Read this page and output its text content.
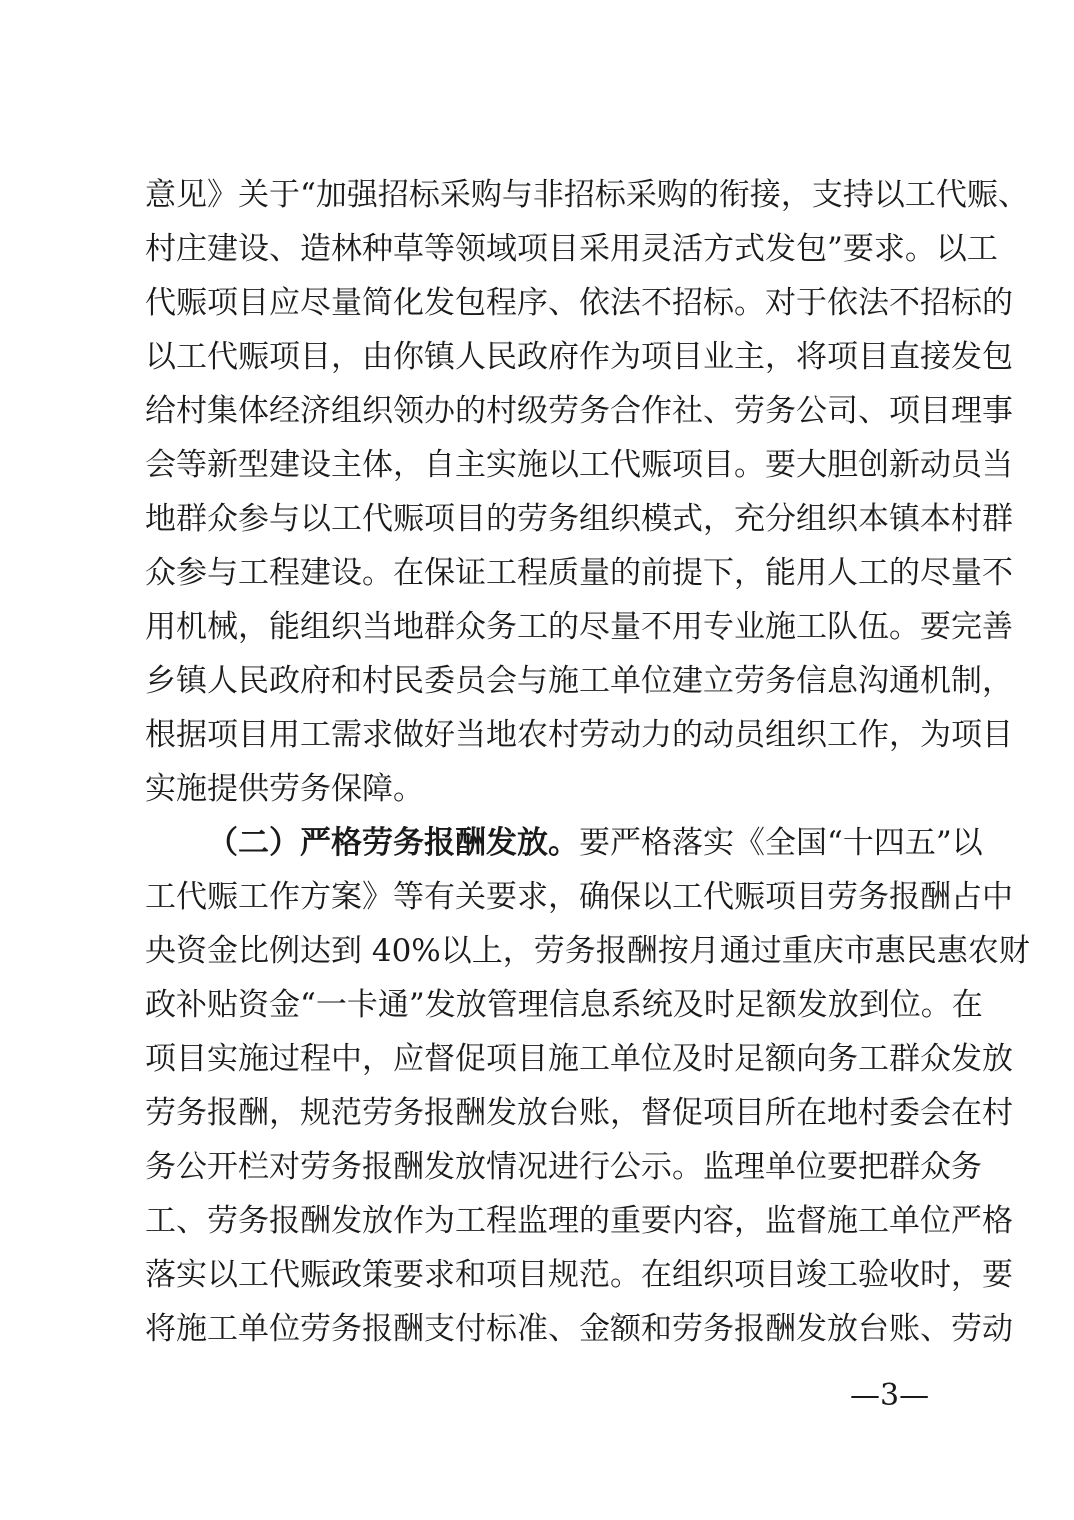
意见》关于“加强招标采购与非招标采购的衔接，支持以工代赈、
村庄建设、造林种草等领域项目采用灵活方式发包”要求。以工
代赈项目应尽量简化发包程序、依法不招标。对于依法不招标的
以工代赈项目，由你镇人民政府作为项目业主，将项目直接发包
给村集体经济组织领办的村级劳务合作社、劳务公司、项目理事
会等新型建设主体，自主实施以工代赈项目。要大胆创新动员当
地群众参与以工代赈项目的劳务组织模式，充分组织本镇本村群
众参与工程建设。在保证工程质量的前提下，能用人工的尽量不
用机械，能组织当地群众务工的尽量不用专业施工队伍。要完善
乡镇人民政府和村民委员会与施工单位建立劳务信息沟通机制，
根据项目用工需求做好当地农村劳动力的动员组织工作，为项目
实施提供劳务保障。
（二）严格劳务报酬发放。要严格落实《全国“十四五”以
工代赈工作方案》等有关要求，确保以工代赈项目劳务报酬占中
央资金比例达到 40%以上，劳务报酬按月通过重庆市惠民惠农财
政补贴资金“一卡通”发放管理信息系统及时足额发放到位。在
项目实施过程中，应督促项目施工单位及时足额向务工群众发放
劳务报酬，规范劳务报酬发放台账，督促项目所在地村委会在村
务公开栏对劳务报酬发放情况进行公示。监理单位要把群众务
工、劳务报酬发放作为工程监理的重要内容，监督施工单位严格
落实以工代赈政策要求和项目规范。在组织项目竣工验收时，要
将施工单位劳务报酬支付标准、金额和劳务报酬发放台账、劳动
—3—
